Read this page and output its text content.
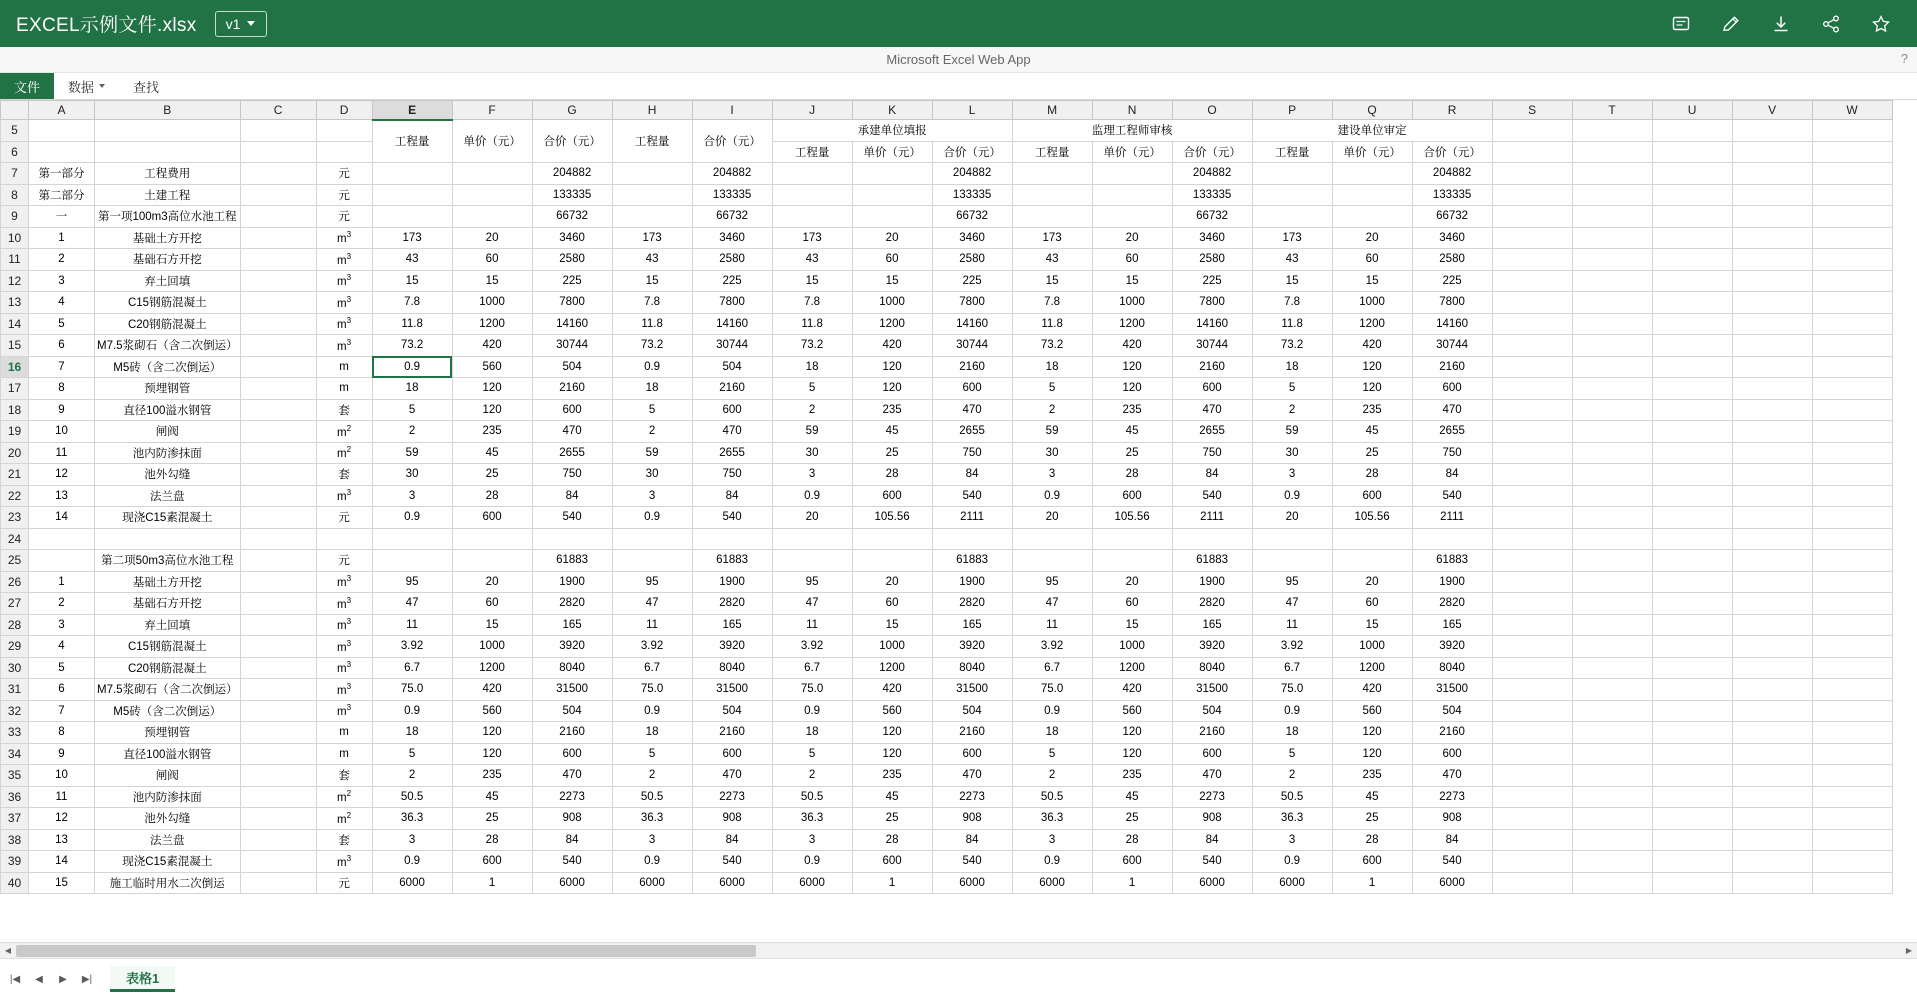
EXCEL示例文件.xlsx v1
Microsoft Excel Web App	?
文件 数据	查找
	A	B	C	D	E	F	G	H	I	J	K	L	M	N	O	P	Q	R	S	T	U	V	W
5					工程量	单价（元）	合价（元）	工程量	合价（元）	承建单位填报			监理工程师审核			建设单位审定							
6										工程量	单价（元）	合价（元）	工程量	单价（元）	合价（元）	工程量	单价（元）	合价（元）					
7	第一部分	工程费用		元			204882		204882			204882			204882			204882					
8	第二部分	土建工程		元			133335		133335			133335			133335			133335					
9	一	第一项100m3高位水池工程		元			66732		66732			66732			66732			66732					
10	1	基础土方开挖		$m^3$	173	20	3460	173	3460	173	20	3460	173	20	3460	173	20	3460					
11	2	基础石方开挖		$m^3$	43	60	2580	43	2580	43	60	2580	43	60	2580	43	60	2580					
12	3	弃土回填		$m^3$	15	15	225	15	225	15	15	225	15	15	225	15	15	225					
13	4	C15钢筋混凝土		$m^3$	7.8	1000	7800	7.8	7800	7.8	1000	7800	7.8	1000	7800	7.8	1000	7800					
14	5	C20钢筋混凝土		$m^3$	11.8	1200	14160	11.8	14160	11.8	1200	14160	11.8	1200	14160	11.8	1200	14160					
15	6	M7.5浆砌石（含二次倒运）		$m^3$	73.2	420	30744	73.2	30744	73.2	420	30744	73.2	420	30744	73.2	420	30744					
16	7	M5砖（含二次倒运）		m	0.9	560	504	0.9	504	18	120	2160	18	120	2160	18	120	2160					
17	8	预埋钢管		m	18	120	2160	18	2160	5	120	600	5	120	600	5	120	600					
18	9	直径100溢水钢管		套	5	120	600	5	600	2	235	470	2	235	470	2	235	470					
19	10	闸阀		$m^2$	2	235	470	2	470	59	45	2655	59	45	2655	59	45	2655					
20	11	池内防渗抹面		$m^2$	59	45	2655	59	2655	30	25	750	30	25	750	30	25	750					
21	12	池外勾缝		套	30	25	750	30	750	3	28	84	3	28	84	3	28	84					
22	13	法兰盘		$m^3$	3	28	84	3	84	0.9	600	540	0.9	600	540	0.9	600	540					
23	14	现浇C15素混凝土		元	0.9	600	540	0.9	540	20	105.56	2111	20	105.56	2111	20	105.56	2111					
24																							
25		第二项50m3高位水池工程		元			61883		61883			61883			61883			61883					
26	1	基础土方开挖		$m^3$	95	20	1900	95	1900	95	20	1900	95	20	1900	95	20	1900					
27	2	基础石方开挖		$m^3$	47	60	2820	47	2820	47	60	2820	47	60	2820	47	60	2820					
28	3	弃土回填		$m^3$	11	15	165	11	165	11	15	165	11	15	165	11	15	165					
29	4	C15钢筋混凝土		$m^3$	3.92	1000	3920	3.92	3920	3.92	1000	3920	3.92	1000	3920	3.92	1000	3920					
30	5	C20钢筋混凝土		$m^3$	6.7	1200	8040	6.7	8040	6.7	1200	8040	6.7	1200	8040	6.7	1200	8040					
31	6	M7.5浆砌石（含二次倒运）		$m^3$	75.0	420	31500	75.0	31500	75.0	420	31500	75.0	420	31500	75.0	420	31500					
32	7	M5砖（含二次倒运）		$m^3$	0.9	560	504	0.9	504	0.9	560	504	0.9	560	504	0.9	560	504					
33	8	预埋钢管		m	18	120	2160	18	2160	18	120	2160	18	120	2160	18	120	2160					
34	9	直径100溢水钢管		m	5	120	600	5	600	5	120	600	5	120	600	5	120	600					
35	10	闸阀		套	2	235	470	2	470	2	235	470	2	235	470	2	235	470					
36	11	池内防渗抹面		$m^2$	50.5	45	2273	50.5	2273	50.5	45	2273	50.5	45	2273	50.5	45	2273					
37	12	池外勾缝		$m^2$	36.3	25	908	36.3	908	36.3	25	908	36.3	25	908	36.3	25	908					
38	13	法兰盘		套	3	28	84	3	84	3	28	84	3	28	84	3	28	84					
39	14	现浇C15素混凝土		$m^3$	0.9	600	540	0.9	540	0.9	600	540	0.9	600	540	0.9	600	540					
40	15	施工临时用水二次倒运		元	6000	1	6000	6000	6000	6000	1	6000	6000	1	6000	6000	1	6000					
◀	▶
|◀	◀	▶	▶|	表格1
